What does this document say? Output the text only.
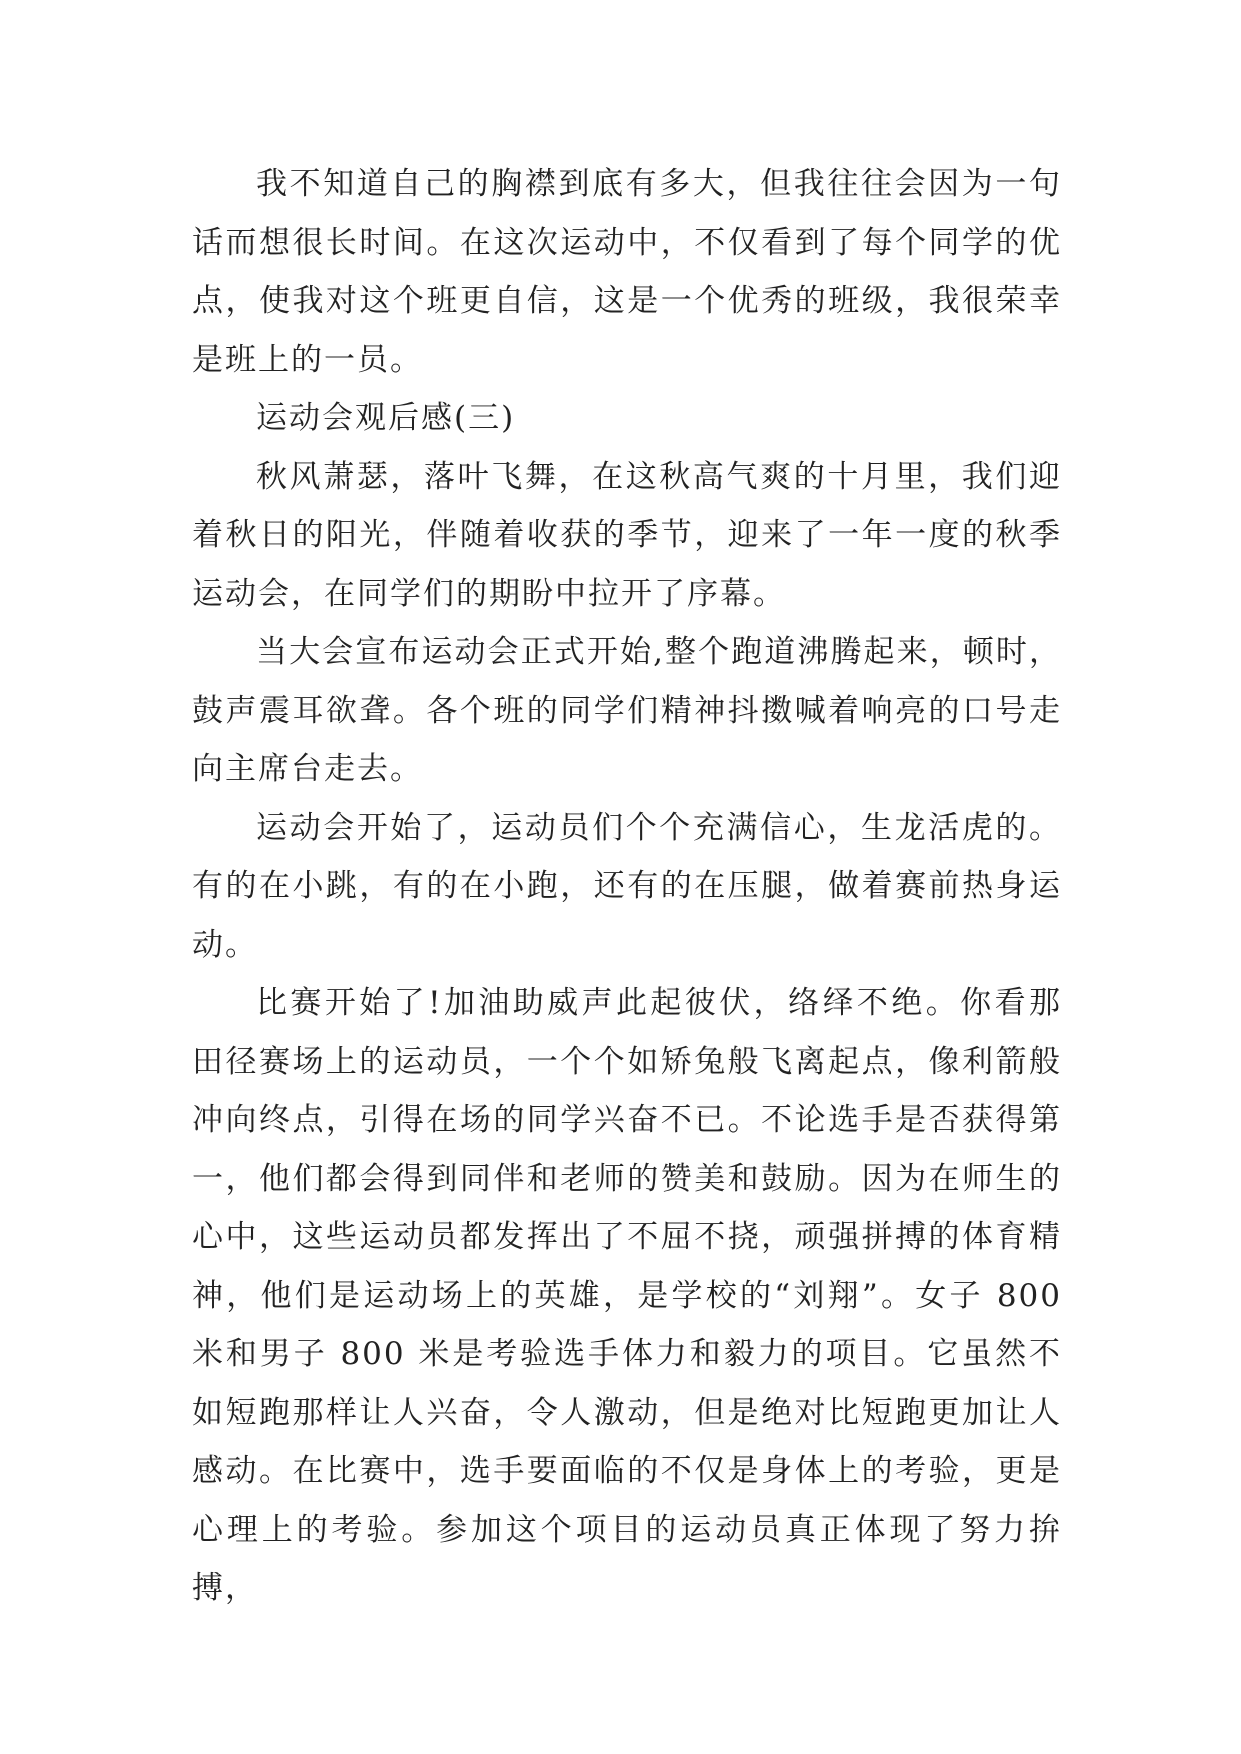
我不知道自己的胸襟到底有多大，但我往往会因为一句话而想很长时间。在这次运动中，不仅看到了每个同学的优点，使我对这个班更自信，这是一个优秀的班级，我很荣幸是班上的一员。

运动会观后感(三)

秋风萧瑟，落叶飞舞，在这秋高气爽的十月里，我们迎着秋日的阳光，伴随着收获的季节，迎来了一年一度的秋季运动会，在同学们的期盼中拉开了序幕。

当大会宣布运动会正式开始,整个跑道沸腾起来，顿时，鼓声震耳欲聋。各个班的同学们精神抖擞喊着响亮的口号走向主席台走去。

运动会开始了，运动员们个个充满信心，生龙活虎的。有的在小跳，有的在小跑，还有的在压腿，做着赛前热身运动。

比赛开始了!加油助威声此起彼伏，络绎不绝。你看那田径赛场上的运动员，一个个如矫兔般飞离起点，像利箭般冲向终点，引得在场的同学兴奋不已。不论选手是否获得第一，他们都会得到同伴和老师的赞美和鼓励。因为在师生的心中，这些运动员都发挥出了不屈不挠，顽强拼搏的体育精神，他们是运动场上的英雄，是学校的“刘翔”。女子 800 米和男子 800 米是考验选手体力和毅力的项目。它虽然不如短跑那样让人兴奋，令人激动，但是绝对比短跑更加让人感动。在比赛中，选手要面临的不仅是身体上的考验，更是心理上的考验。参加这个项目的运动员真正体现了努力拚搏，
